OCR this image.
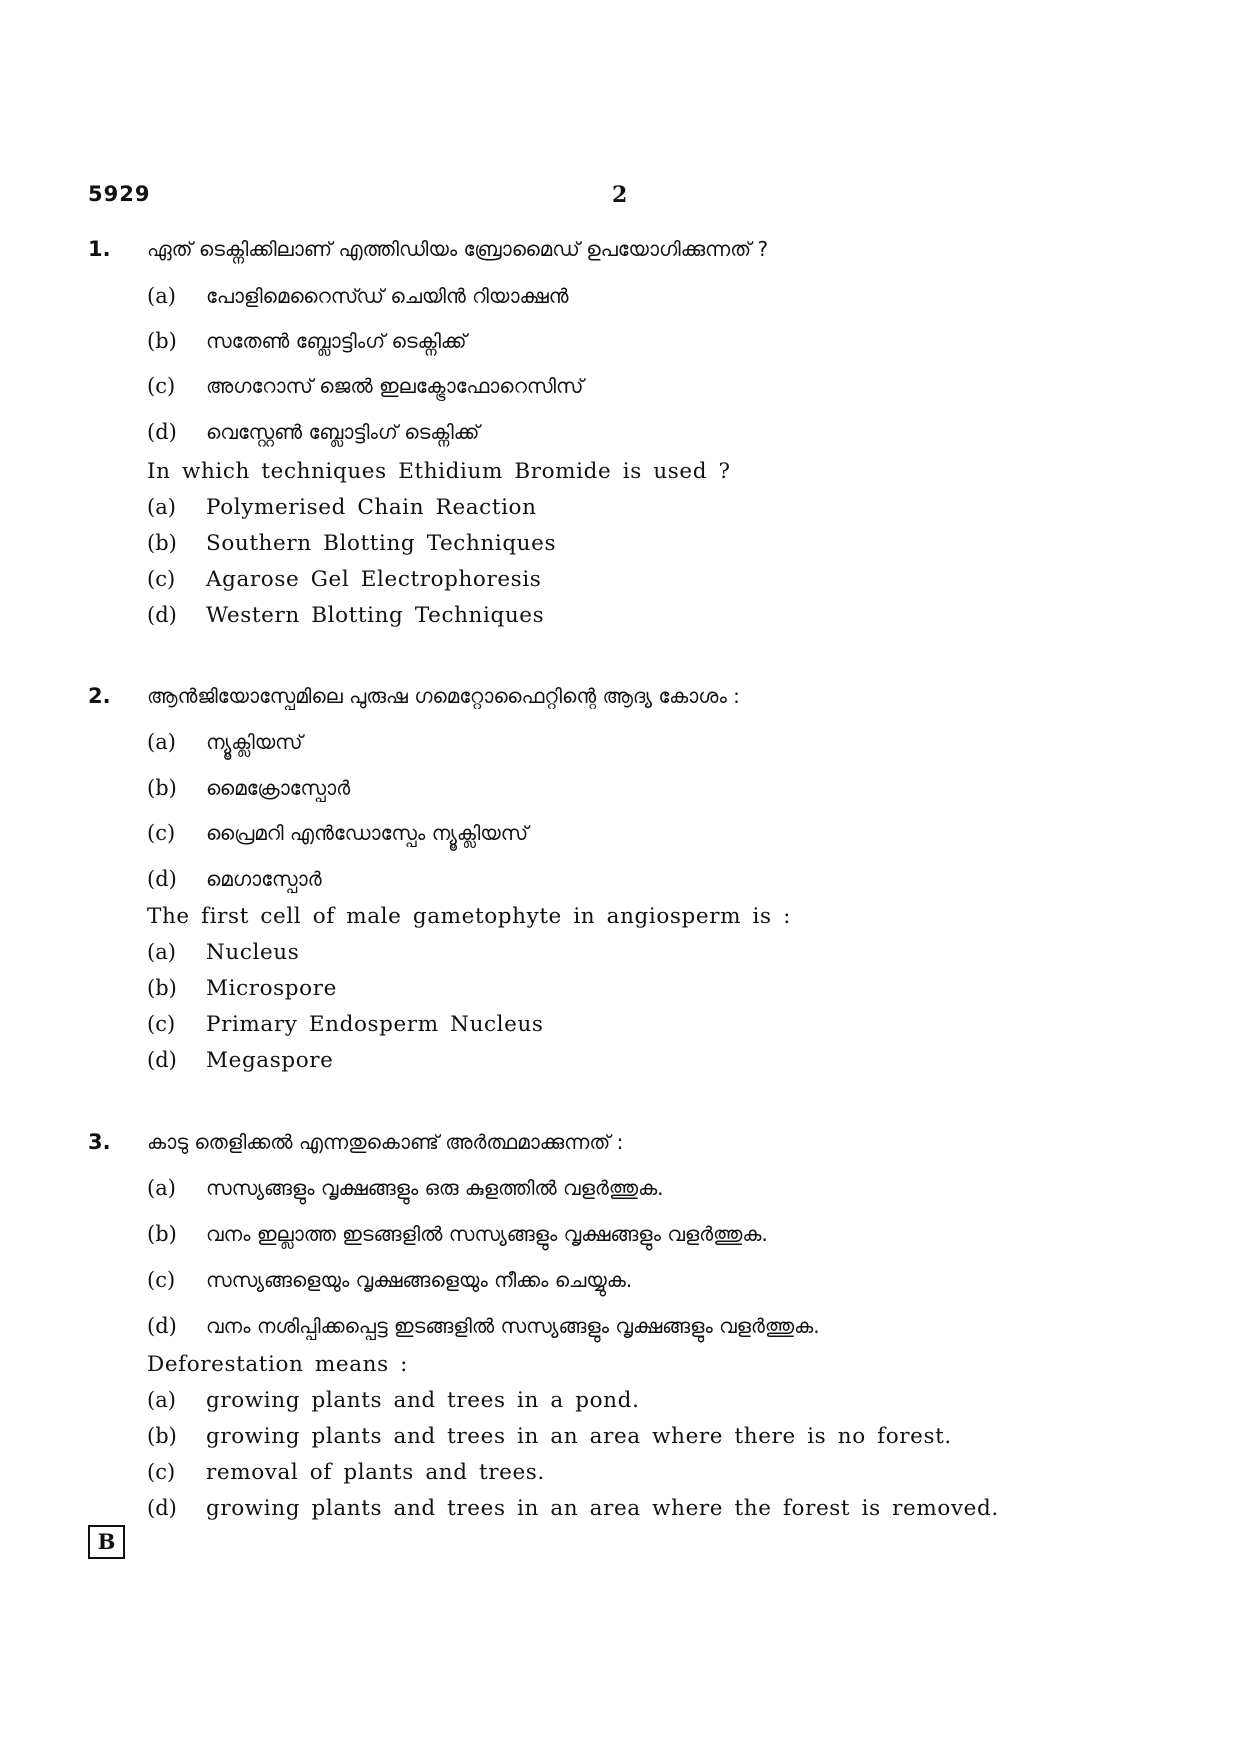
5929	2
1. ഏത് ടെക്നിക്കിലാണ് എത്തിഡിയം ബ്രോമൈഡ് ഉപയോഗിക്കുന്നത് ?
(a) പോളിമെറൈസ്ഡ് ചെയിൻ റിയാക്ഷൻ
(b) സതേൺ ബ്ലോട്ടിംഗ് ടെക്നിക്ക്
(c) അഗറോസ് ജെൽ ഇലക്ട്രോഫോറെസിസ്
(d) വെസ്റ്റേൺ ബ്ലോട്ടിംഗ് ടെക്നിക്ക്
In which techniques Ethidium Bromide is used ?
(a) Polymerised Chain Reaction
(b) Southern Blotting Techniques
(c) Agarose Gel Electrophoresis
(d) Western Blotting Techniques
2. ആൻജിയോസ്പേമിലെ പുരുഷ ഗമെറ്റോഫൈറ്റിന്റെ ആദ്യ കോശം :
(a) ന്യൂക്ലിയസ്
(b) മൈക്രോസ്പോർ
(c) പ്രൈമറി എൻഡോസ്പേം ന്യൂക്ലിയസ്
(d) മെഗാസ്പോർ
The first cell of male gametophyte in angiosperm is :
(a) Nucleus
(b) Microspore
(c) Primary Endosperm Nucleus
(d) Megaspore
3. കാടു തെളിക്കൽ എന്നതുകൊണ്ട് അർത്ഥമാക്കുന്നത് :
(a) സസ്യങ്ങളും വൃക്ഷങ്ങളും ഒരു കുളത്തിൽ വളർത്തുക.
(b) വനം ഇല്ലാത്ത ഇടങ്ങളിൽ സസ്യങ്ങളും വൃക്ഷങ്ങളും വളർത്തുക.
(c) സസ്യങ്ങളെയും വൃക്ഷങ്ങളെയും നീക്കം ചെയ്യുക.
(d) വനം നശിപ്പിക്കപ്പെട്ട ഇടങ്ങളിൽ സസ്യങ്ങളും വൃക്ഷങ്ങളും വളർത്തുക.
Deforestation means :
(a) growing plants and trees in a pond.
(b) growing plants and trees in an area where there is no forest.
(c) removal of plants and trees.
(d) growing plants and trees in an area where the forest is removed.
B
